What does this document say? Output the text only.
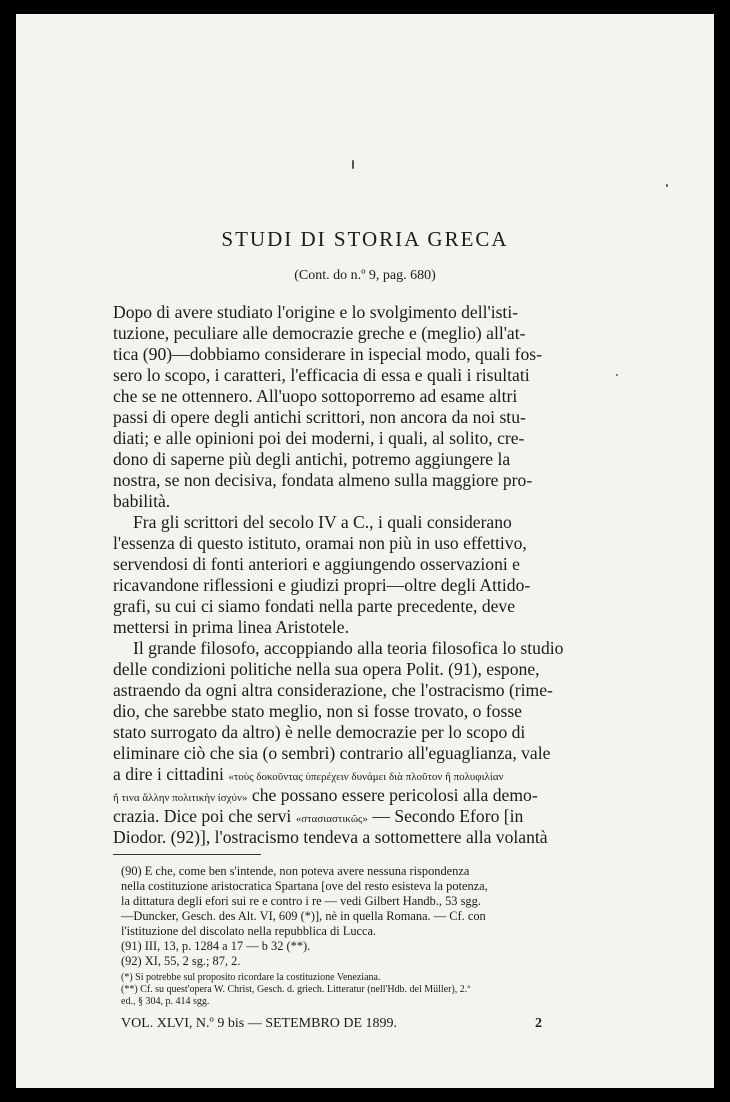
STUDI DI STORIA GRECA
(Cont. do n.º 9, pag. 680)
Dopo di avere studiato l'origine e lo svolgimento dell'isti-
tuzione, peculiare alle democrazie greche e (meglio) all'at-
tica (90)—dobbiamo considerare in ispecial modo, quali fos-
sero lo scopo, i caratteri, l'efficacia di essa e quali i risultati
che se ne ottennero. All'uopo sottoporremo ad esame altri
passi di opere degli antichi scrittori, non ancora da noi stu-
diati; e alle opinioni poi dei moderni, i quali, al solito, cre-
dono di saperne più degli antichi, potremo aggiungere la
nostra, se non decisiva, fondata almeno sulla maggiore pro-
babilità.
Fra gli scrittori del secolo IV a C., i quali considerano
l'essenza di questo istituto, oramai non più in uso effettivo,
servendosi di fonti anteriori e aggiungendo osservazioni e
ricavandone riflessioni e giudizi propri—oltre degli Attido-
grafi, su cui ci siamo fondati nella parte precedente, deve
mettersi in prima linea Aristotele.
Il grande filosofo, accoppiando alla teoria filosofica lo studio
delle condizioni politiche nella sua opera Polit. (91), espone,
astraendo da ogni altra considerazione, che l'ostracismo (rime-
dio, che sarebbe stato meglio, non si fosse trovato, o fosse
stato surrogato da altro) è nelle democrazie per lo scopo di
eliminare ciò che sia (o sembri) contrario all'eguaglianza, vale
a dire i cittadini «τοὺς δοκοῦντας ὑπερέχειν δυνάμει διὰ πλοῦτον ἢ πολυφιλίαν
ἤ τινα ἄλλην πολιτικὴν ἰσχύν» che possano essere pericolosi alla demo-
crazia. Dice poi che servi «στασιαστικῶς» — Secondo Eforo [in
Diodor. (92)], l'ostracismo tendeva a sottomettere alla volantà
(90) E che, come ben s'intende, non poteva avere nessuna rispondenza
nella costituzione aristocratica Spartana [ove del resto esisteva la potenza,
la dittatura degli efori sui re e contro i re — vedi Gilbert Handb., 53 sgg.
—Duncker, Gesch. des Alt. VI, 609 (*)], nè in quella Romana. — Cf. con
l'istituzione del discolato nella repubblica di Lucca.
(91) III, 13, p. 1284 a 17 — b 32 (**).
(92) XI, 55, 2 sg.; 87, 2.
(*) Si potrebbe sul proposito ricordare la costituzione Veneziana.
(**) Cf. su quest'opera W. Christ, Gesch. d. griech. Litteratur (nell'Hdb. del Müller), 2.ª
ed., § 304, p. 414 sgg.
VOL. XLVI, N.º 9 bis — SETEMBRO DE 1899.	2
